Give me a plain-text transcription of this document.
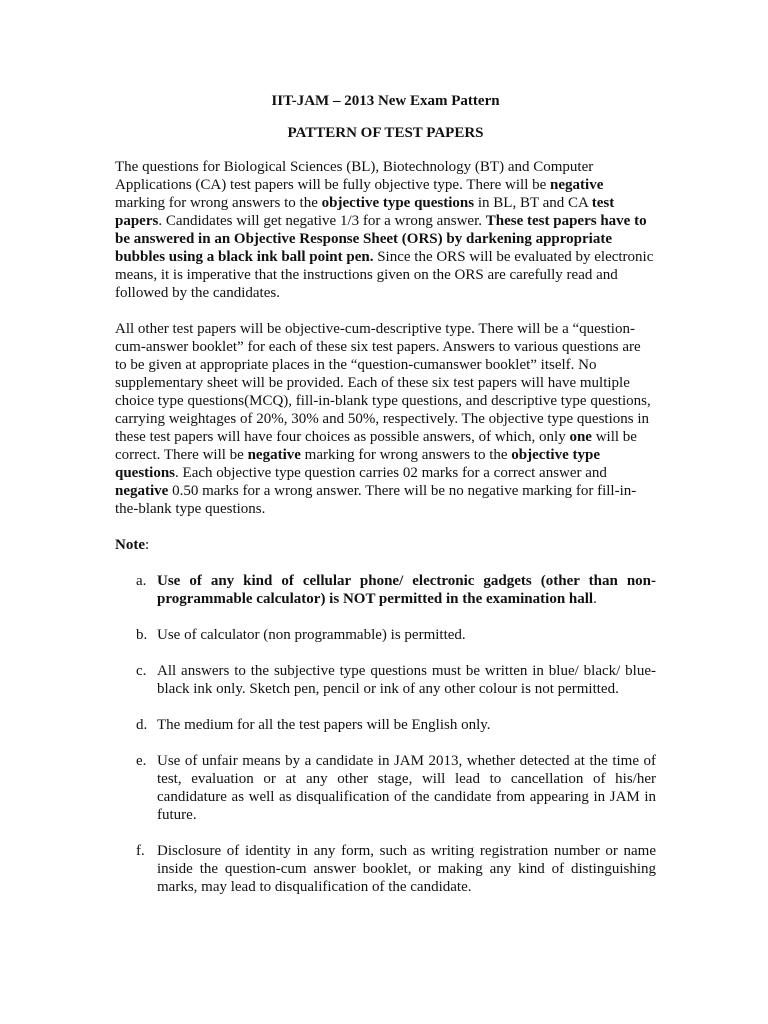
IIT-JAM – 2013 New Exam Pattern
PATTERN OF TEST PAPERS

The questions for Biological Sciences (BL), Biotechnology (BT) and Computer Applications (CA) test papers will be fully objective type. There will be negative marking for wrong answers to the objective type questions in BL, BT and CA test papers. Candidates will get negative 1/3 for a wrong answer. These test papers have to be answered in an Objective Response Sheet (ORS) by darkening appropriate bubbles using a black ink ball point pen. Since the ORS will be evaluated by electronic means, it is imperative that the instructions given on the ORS are carefully read and followed by the candidates.

All other test papers will be objective-cum-descriptive type. There will be a “question-cum-answer booklet” for each of these six test papers. Answers to various questions are to be given at appropriate places in the “question-cumanswer booklet” itself. No supplementary sheet will be provided. Each of these six test papers will have multiple choice type questions(MCQ), fill-in-blank type questions, and descriptive type questions, carrying weightages of 20%, 30% and 50%, respectively. The objective type questions in these test papers will have four choices as possible answers, of which, only one will be correct. There will be negative marking for wrong answers to the objective type questions. Each objective type question carries 02 marks for a correct answer and negative 0.50 marks for a wrong answer. There will be no negative marking for fill-in-the-blank type questions.

Note:
a. Use of any kind of cellular phone/ electronic gadgets (other than non-programmable calculator) is NOT permitted in the examination hall.
b. Use of calculator (non programmable) is permitted.
c. All answers to the subjective type questions must be written in blue/ black/ blue-black ink only. Sketch pen, pencil or ink of any other colour is not permitted.
d. The medium for all the test papers will be English only.
e. Use of unfair means by a candidate in JAM 2013, whether detected at the time of test, evaluation or at any other stage, will lead to cancellation of his/her candidature as well as disqualification of the candidate from appearing in JAM in future.
f. Disclosure of identity in any form, such as writing registration number or name inside the question-cum answer booklet, or making any kind of distinguishing marks, may lead to disqualification of the candidate.
